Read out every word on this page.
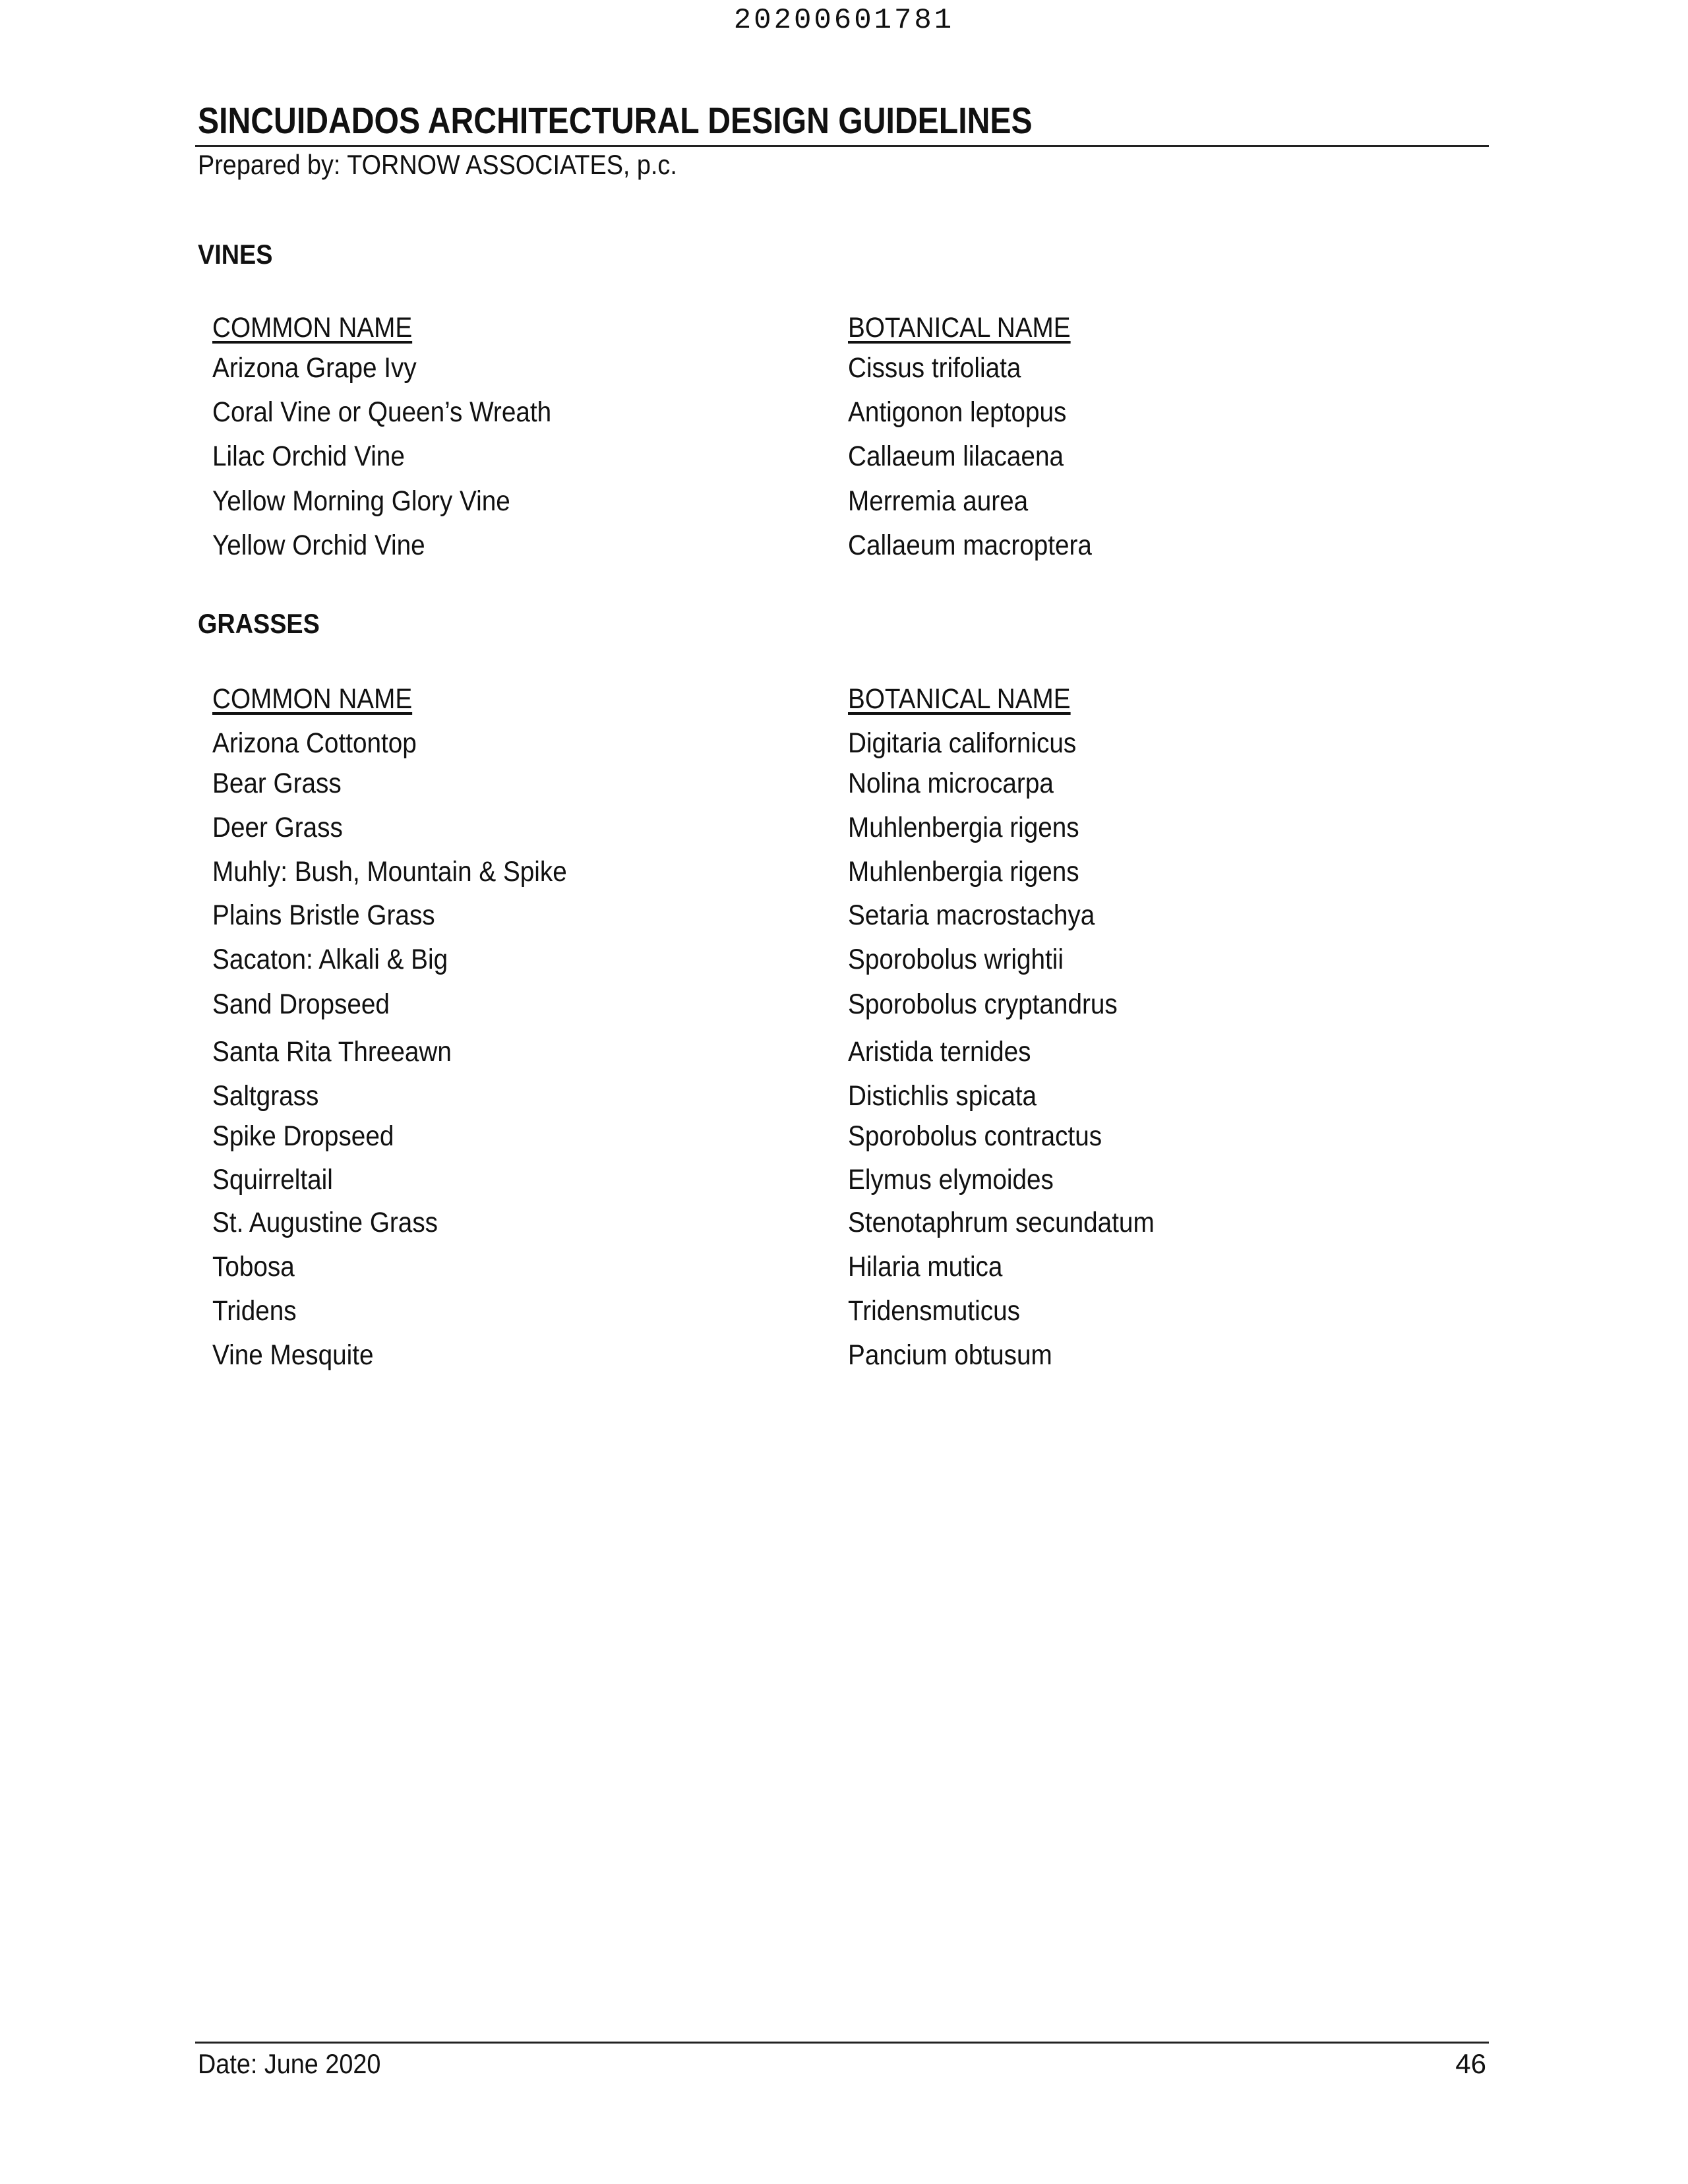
20200601781
SINCUIDADOS ARCHITECTURAL DESIGN GUIDELINES
Prepared by: TORNOW ASSOCIATES, p.c.
VINES
COMMON NAME	BOTANICAL NAME
Arizona Grape Ivy	Cissus trifoliata
Coral Vine or Queen’s Wreath	Antigonon leptopus
Lilac Orchid Vine	Callaeum lilacaena
Yellow Morning Glory Vine	Merremia aurea
Yellow Orchid Vine	Callaeum macroptera
GRASSES
COMMON NAME	BOTANICAL NAME
Arizona Cottontop	Digitaria californicus
Bear Grass	Nolina microcarpa
Deer Grass	Muhlenbergia rigens
Muhly: Bush, Mountain & Spike	Muhlenbergia rigens
Plains Bristle Grass	Setaria macrostachya
Sacaton: Alkali & Big	Sporobolus wrightii
Sand Dropseed	Sporobolus cryptandrus
Santa Rita Threeawn	Aristida ternides
Saltgrass	Distichlis spicata
Spike Dropseed	Sporobolus contractus
Squirreltail	Elymus elymoides
St. Augustine Grass	Stenotaphrum secundatum
Tobosa	Hilaria mutica
Tridens	Tridensmuticus
Vine Mesquite	Pancium obtusum
Date: June 2020	46
